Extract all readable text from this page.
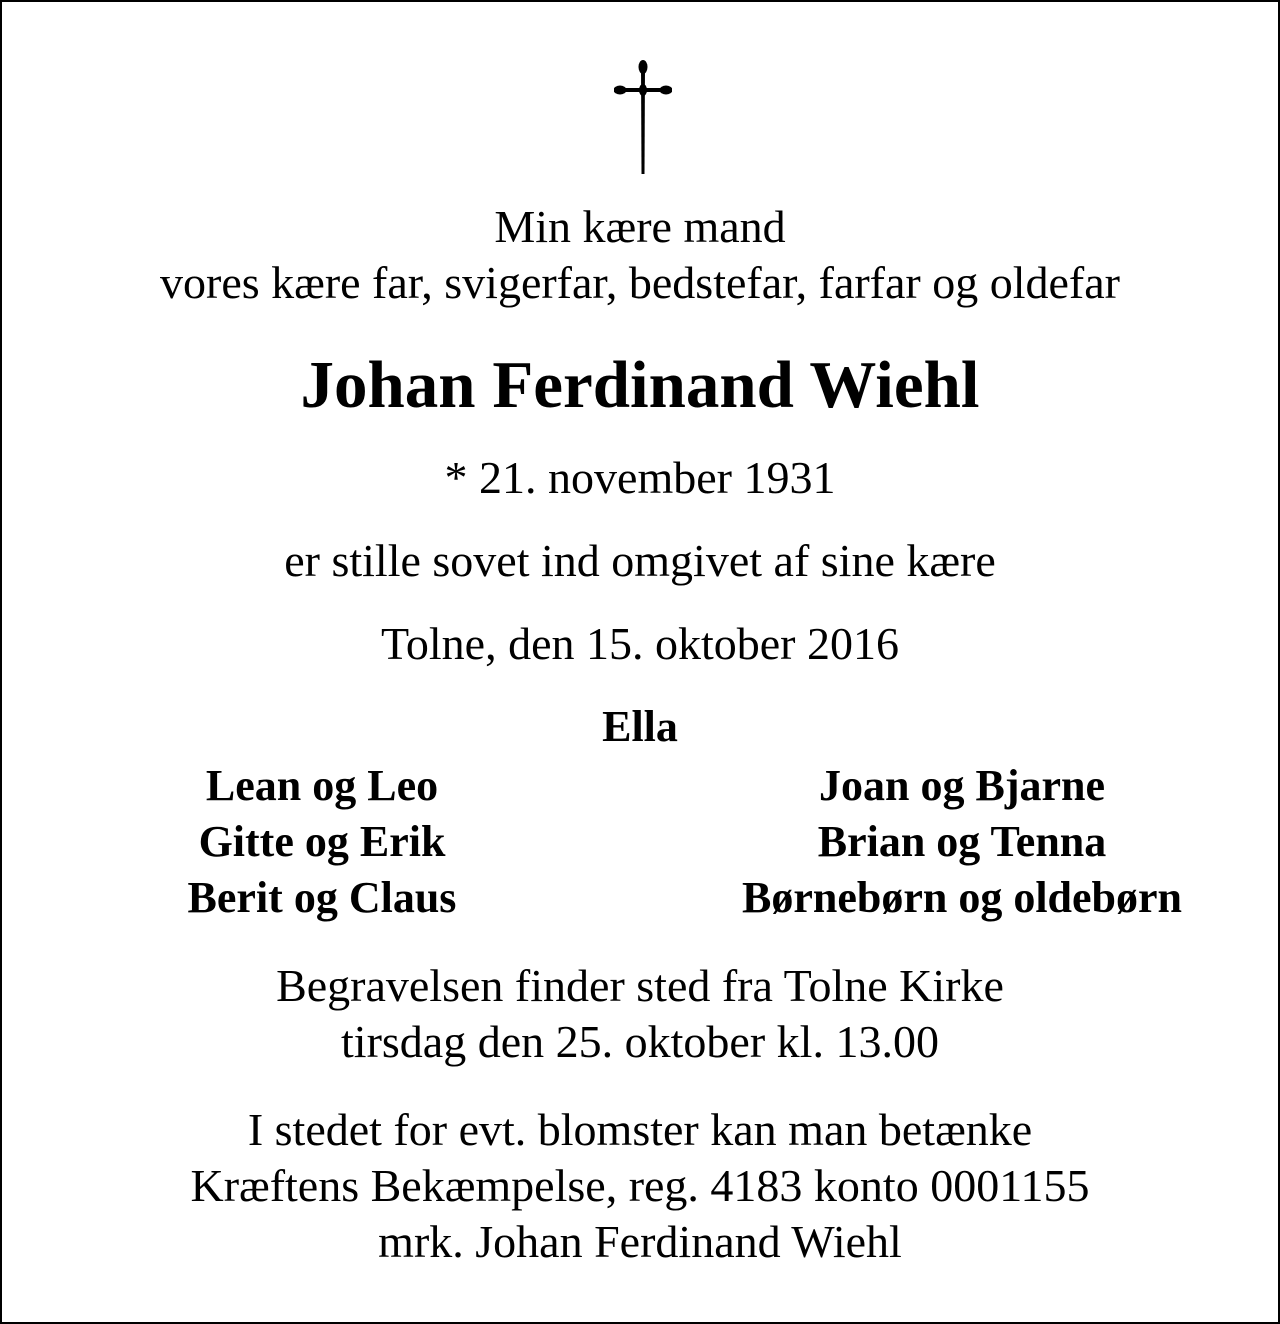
Min kære mand
vores kære far, svigerfar, bedstefar, farfar og oldefar
Johan Ferdinand Wiehl
* 21. november 1931
er stille sovet ind omgivet af sine kære
Tolne, den 15. oktober 2016
Ella
Lean og Leo
Gitte og Erik
Berit og Claus
Joan og Bjarne
Brian og Tenna
Børnebørn og oldebørn
Begravelsen finder sted fra Tolne Kirke
tirsdag den 25. oktober kl. 13.00
I stedet for evt. blomster kan man betænke
Kræftens Bekæmpelse, reg. 4183 konto 0001155
mrk. Johan Ferdinand Wiehl
